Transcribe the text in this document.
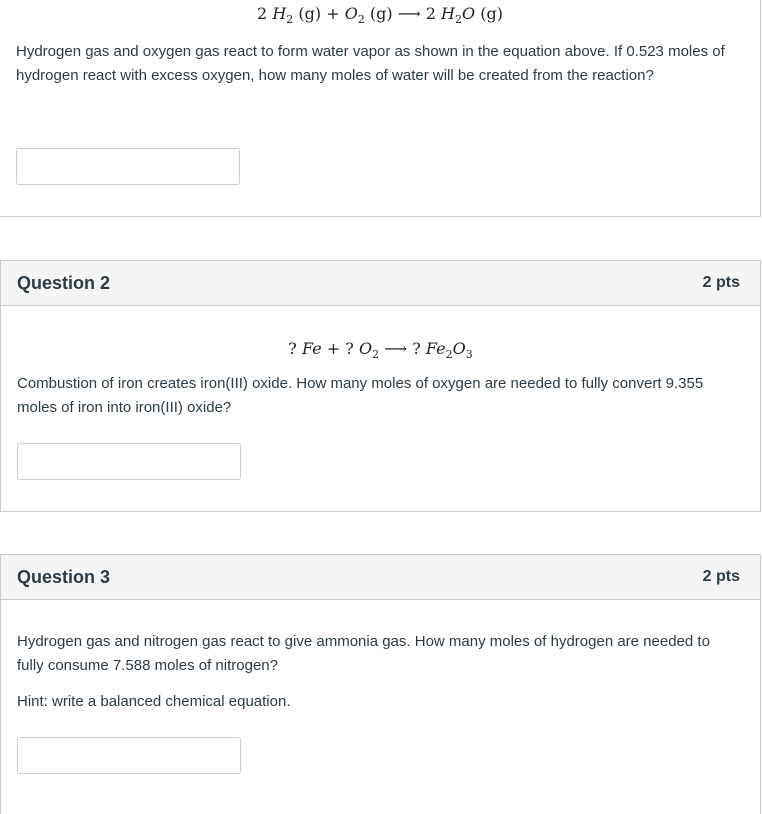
2 $H_2$ $(g) + O_2$ (g) ⟶ 2 $H_2O$ (g)

Hydrogen gas and oxygen gas react to form water vapor as shown in the equation above. If 0.523 moles of hydrogen react with excess oxygen, how many moles of water will be created from the reaction?

Question 2	2 pts
? Fe + ? $O_2$ ⟶ ? $Fe_2O_3$

Combustion of iron creates iron(III) oxide. How many moles of oxygen are needed to fully convert 9.355 moles of iron into iron(III) oxide?

Question 3	2 pts

Hydrogen gas and nitrogen gas react to give ammonia gas. How many moles of hydrogen are needed to fully consume 7.588 moles of nitrogen?

Hint: write a balanced chemical equation.
